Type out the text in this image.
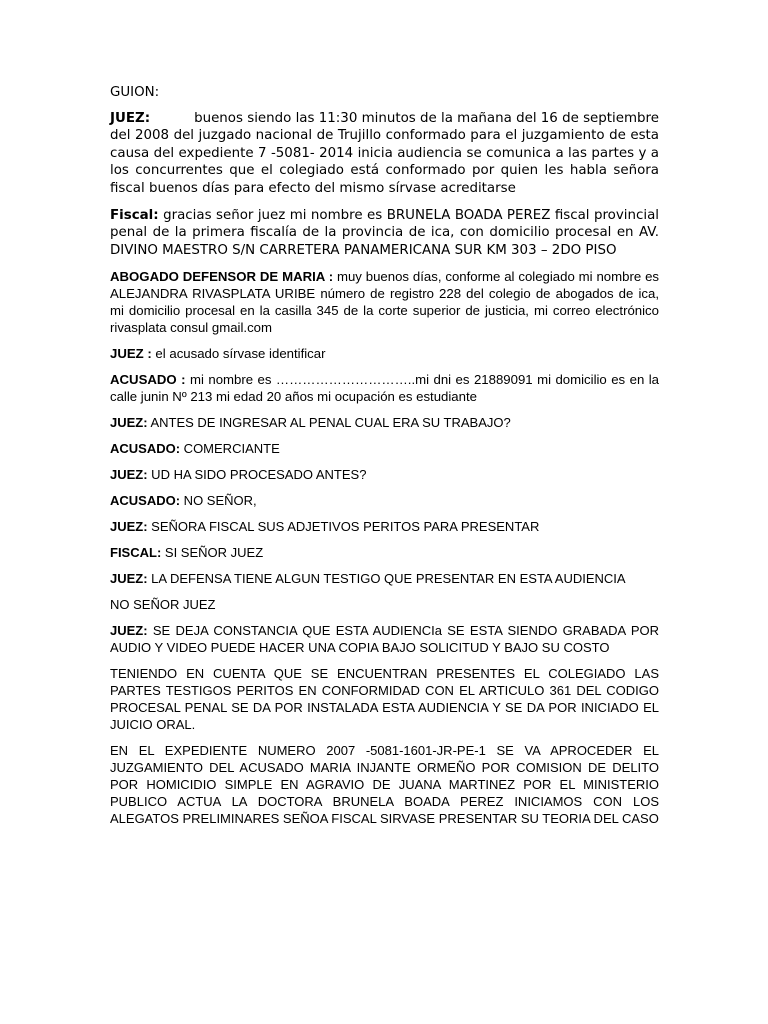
GUION:

JUEZ:	buenos siendo las 11:30 minutos de la mañana del 16 de septiembre del 2008 del juzgado nacional de Trujillo conformado para el juzgamiento de esta causa del expediente 7 -5081- 2014 inicia audiencia se comunica a las partes y a los concurrentes que el colegiado está conformado por quien les habla señora fiscal buenos días para efecto del mismo sírvase acreditarse

Fiscal: gracias señor juez mi nombre es BRUNELA BOADA PEREZ fiscal provincial penal de la primera fiscalía de la provincia de ica, con domicilio procesal en AV. DIVINO MAESTRO S/N CARRETERA PANAMERICANA SUR KM 303 – 2DO PISO

ABOGADO DEFENSOR DE MARIA : muy buenos días, conforme al colegiado mi nombre es ALEJANDRA RIVASPLATA URIBE número de registro 228 del colegio de abogados de ica, mi domicilio procesal en la casilla 345 de la corte superior de justicia, mi correo electrónico rivasplata consul gmail.com

JUEZ : el acusado sírvase identificar

ACUSADO : mi nombre es …………………………..mi dni es 21889091 mi domicilio es en la calle junin Nº 213 mi edad 20 años mi ocupación es estudiante

JUEZ: ANTES DE INGRESAR AL PENAL CUAL ERA SU TRABAJO?

ACUSADO: COMERCIANTE

JUEZ: UD HA SIDO PROCESADO ANTES?

ACUSADO: NO SEÑOR,

JUEZ: SEÑORA FISCAL SUS ADJETIVOS PERITOS PARA PRESENTAR

FISCAL: SI SEÑOR JUEZ

JUEZ: LA DEFENSA TIENE ALGUN TESTIGO QUE PRESENTAR EN ESTA AUDIENCIA

NO SEÑOR JUEZ

JUEZ: SE DEJA CONSTANCIA QUE ESTA AUDIENCIa SE ESTA SIENDO GRABADA POR AUDIO Y VIDEO PUEDE HACER UNA COPIA BAJO SOLICITUD Y BAJO SU COSTO

TENIENDO EN CUENTA QUE SE ENCUENTRAN PRESENTES EL COLEGIADO LAS PARTES TESTIGOS PERITOS EN CONFORMIDAD CON EL ARTICULO 361 DEL CODIGO PROCESAL PENAL SE DA POR INSTALADA ESTA AUDIENCIA Y SE DA POR INICIADO EL JUICIO ORAL.

EN EL EXPEDIENTE NUMERO 2007 -5081-1601-JR-PE-1 SE VA APROCEDER EL JUZGAMIENTO DEL ACUSADO MARIA INJANTE ORMEÑO POR COMISION DE DELITO POR HOMICIDIO SIMPLE EN AGRAVIO DE JUANA MARTINEZ POR EL MINISTERIO PUBLICO ACTUA LA DOCTORA BRUNELA BOADA PEREZ INICIAMOS CON LOS ALEGATOS PRELIMINARES SEÑOA FISCAL SIRVASE PRESENTAR SU TEORIA DEL CASO
